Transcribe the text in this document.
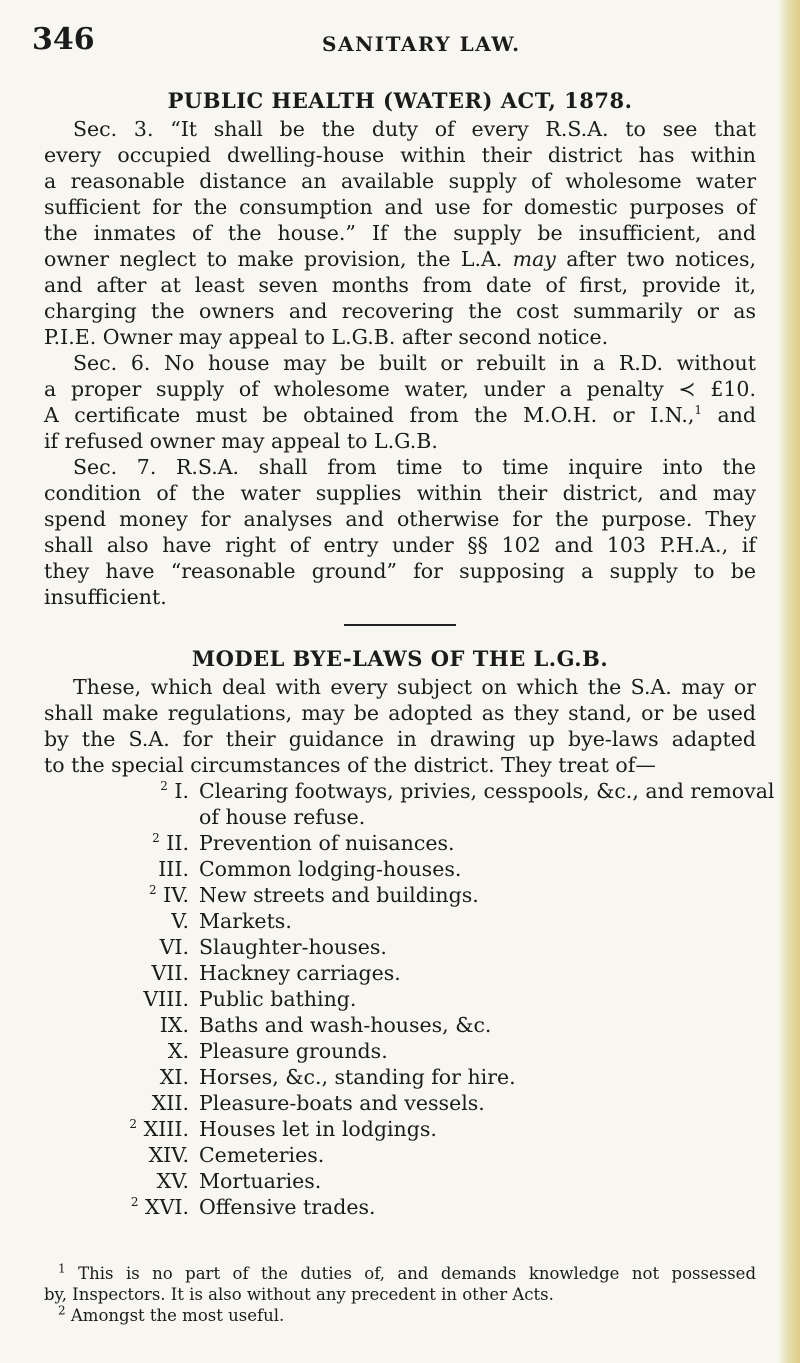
346	SANITARY LAW.
PUBLIC HEALTH (WATER) ACT, 1878.
Sec. 3. “It shall be the duty of every R.S.A. to see that
every occupied dwelling-house within their district has within
a reasonable distance an available supply of wholesome water
sufficient for the consumption and use for domestic purposes of
the inmates of the house.” If the supply be insufficient, and
owner neglect to make provision, the L.A. may after two notices,
and after at least seven months from date of first, provide it,
charging the owners and recovering the cost summarily or as
P.I.E. Owner may appeal to L.G.B. after second notice.
Sec. 6. No house may be built or rebuilt in a R.D. without
a proper supply of wholesome water, under a penalty ≺ £10.
A certificate must be obtained from the M.O.H. or I.N.,$^1$ and
if refused owner may appeal to L.G.B.
Sec. 7. R.S.A. shall from time to time inquire into the
condition of the water supplies within their district, and may
spend money for analyses and otherwise for the purpose. They
shall also have right of entry under §§ 102 and 103 P.H.A., if
they have “reasonable ground” for supposing a supply to be
insufficient.
MODEL BYE-LAWS OF THE L.G.B.
These, which deal with every subject on which the S.A. may or
shall make regulations, may be adopted as they stand, or be used
by the S.A. for their guidance in drawing up bye-laws adapted
to the special circumstances of the district. They treat of—
$^2$ I. Clearing footways, privies, cesspools, &c., and removal
of house refuse.
$^2$ II. Prevention of nuisances.
III. Common lodging-houses.
$^2$ IV. New streets and buildings.
V. Markets.
VI. Slaughter-houses.
VII. Hackney carriages.
VIII. Public bathing.
IX. Baths and wash-houses, &c.
X. Pleasure grounds.
XI. Horses, &c., standing for hire.
XII. Pleasure-boats and vessels.
$^2$ XIII. Houses let in lodgings.
XIV. Cemeteries.
XV. Mortuaries.
$^2$ XVI. Offensive trades.
$^1$ This is no part of the duties of, and demands knowledge not possessed
by, Inspectors. It is also without any precedent in other Acts.
$^2$ Amongst the most useful.
